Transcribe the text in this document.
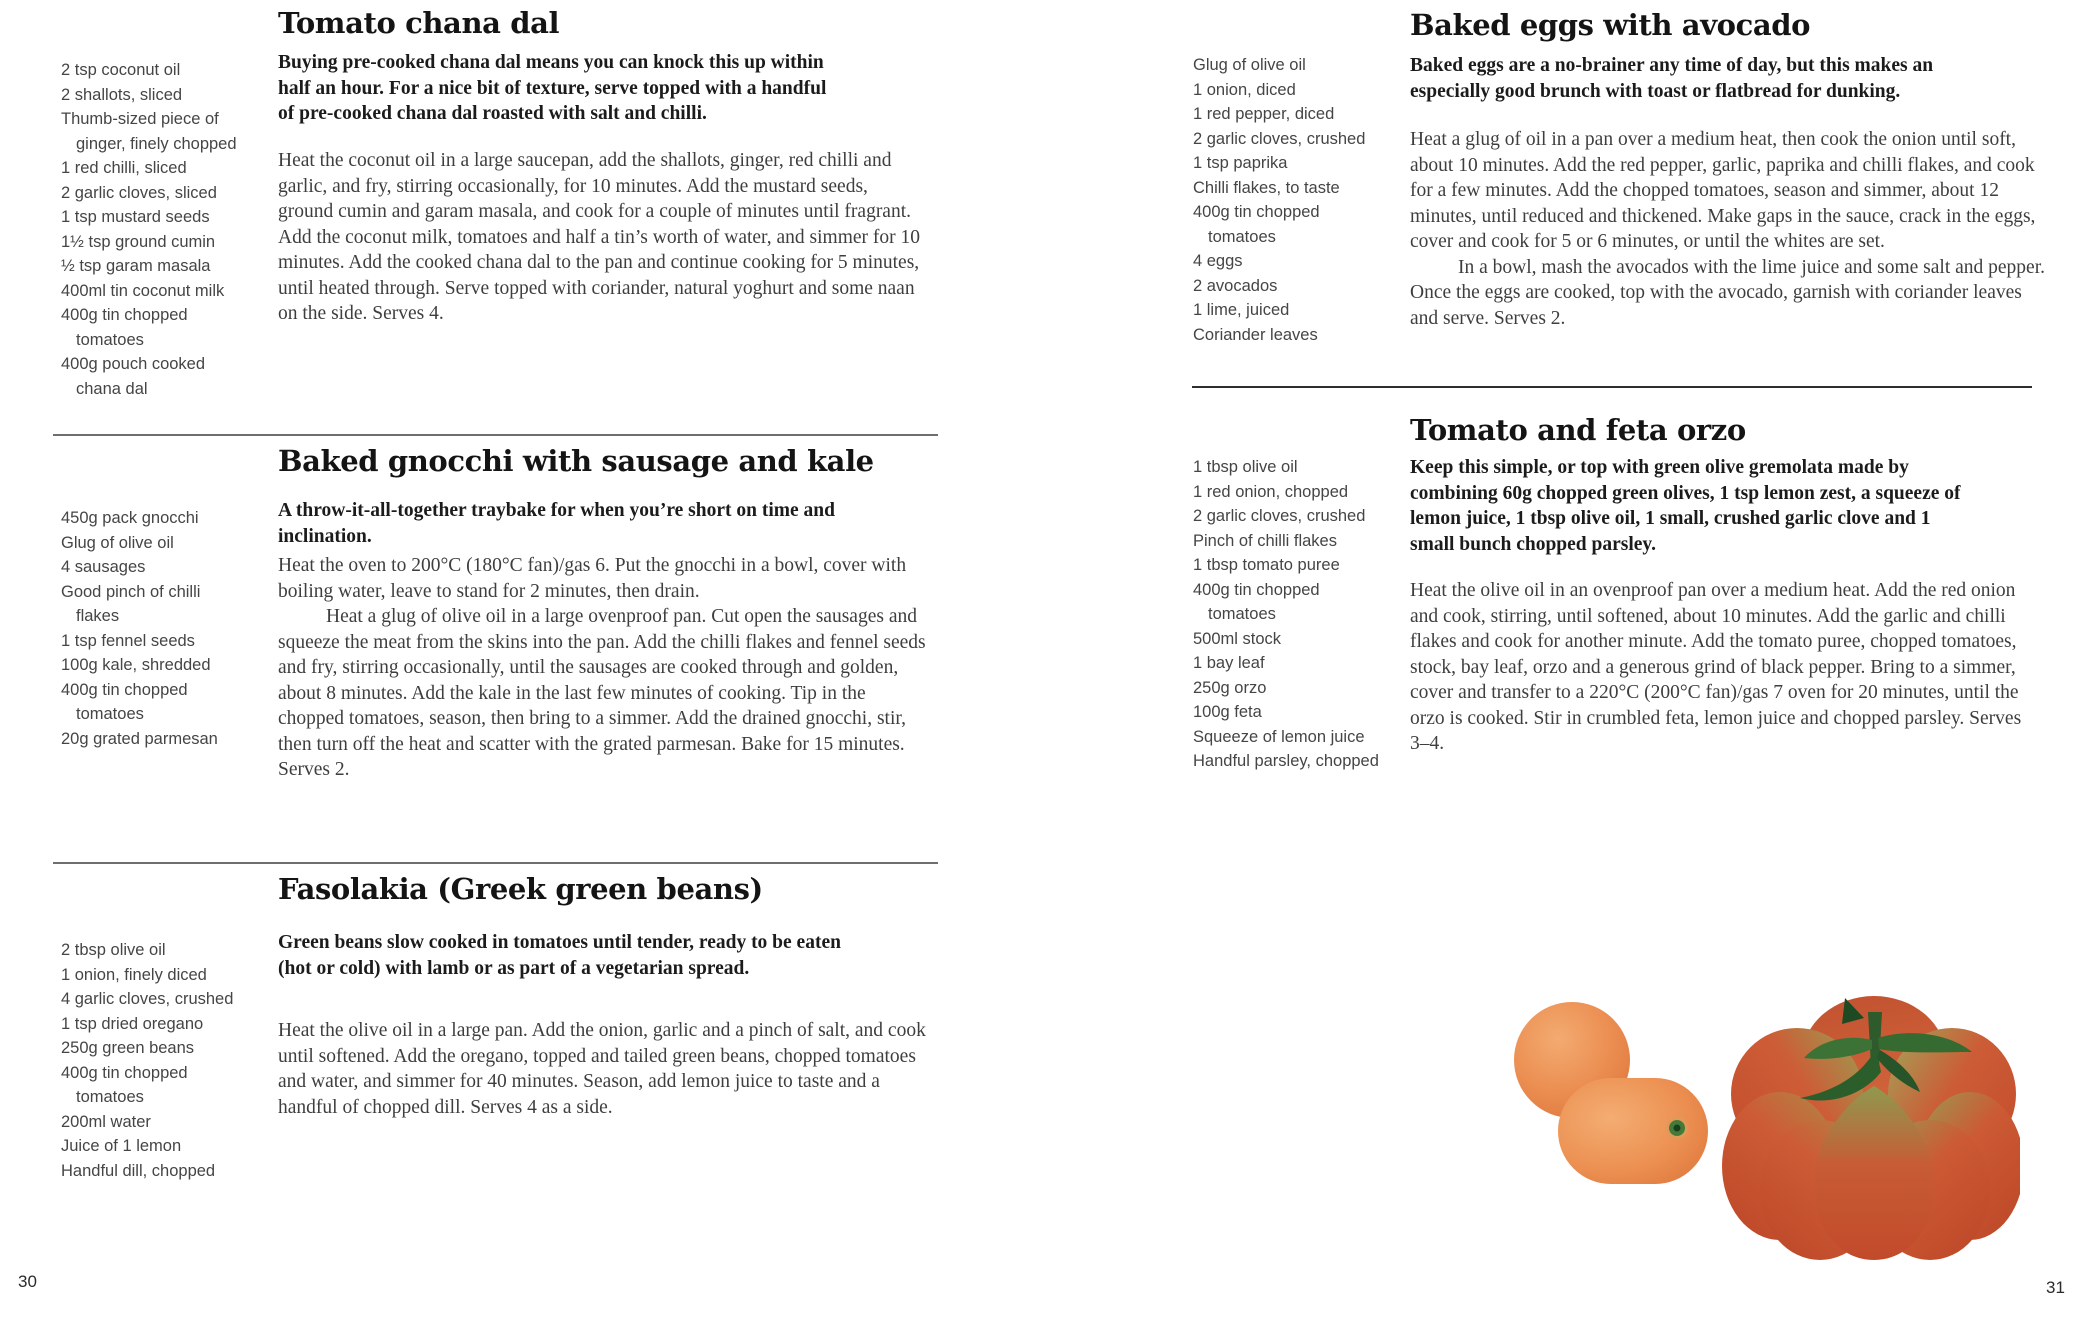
Tomato chana dal
2 tsp coconut oil
2 shallots, sliced
Thumb-sized piece of ginger, finely chopped
1 red chilli, sliced
2 garlic cloves, sliced
1 tsp mustard seeds
1½ tsp ground cumin
½ tsp garam masala
400ml tin coconut milk
400g tin chopped tomatoes
400g pouch cooked chana dal
Buying pre-cooked chana dal means you can knock this up within half an hour. For a nice bit of texture, serve topped with a handful of pre-cooked chana dal roasted with salt and chilli.

Heat the coconut oil in a large saucepan, add the shallots, ginger, red chilli and garlic, and fry, stirring occasionally, for 10 minutes. Add the mustard seeds, ground cumin and garam masala, and cook for a couple of minutes until fragrant. Add the coconut milk, tomatoes and half a tin’s worth of water, and simmer for 10 minutes. Add the cooked chana dal to the pan and continue cooking for 5 minutes, until heated through. Serve topped with coriander, natural yoghurt and some naan on the side. Serves 4.

Baked gnocchi with sausage and kale
450g pack gnocchi
Glug of olive oil
4 sausages
Good pinch of chilli flakes
1 tsp fennel seeds
100g kale, shredded
400g tin chopped tomatoes
20g grated parmesan
A throw-it-all-together traybake for when you’re short on time and inclination.

Heat the oven to 200°C (180°C fan)/gas 6. Put the gnocchi in a bowl, cover with boiling water, leave to stand for 2 minutes, then drain.

Heat a glug of olive oil in a large ovenproof pan. Cut open the sausages and squeeze the meat from the skins into the pan. Add the chilli flakes and fennel seeds and fry, stirring occasionally, until the sausages are cooked through and golden, about 8 minutes. Add the kale in the last few minutes of cooking. Tip in the chopped tomatoes, season, then bring to a simmer. Add the drained gnocchi, stir, then turn off the heat and scatter with the grated parmesan. Bake for 15 minutes. Serves 2.

Fasolakia (Greek green beans)
2 tbsp olive oil
1 onion, finely diced
4 garlic cloves, crushed
1 tsp dried oregano
250g green beans
400g tin chopped tomatoes
200ml water
Juice of 1 lemon
Handful dill, chopped
Green beans slow cooked in tomatoes until tender, ready to be eaten (hot or cold) with lamb or as part of a vegetarian spread.

Heat the olive oil in a large pan. Add the onion, garlic and a pinch of salt, and cook until softened. Add the oregano, topped and tailed green beans, chopped tomatoes and water, and simmer for 40 minutes. Season, add lemon juice to taste and a handful of chopped dill. Serves 4 as a side.

30
Baked eggs with avocado
Glug of olive oil
1 onion, diced
1 red pepper, diced
2 garlic cloves, crushed
1 tsp paprika
Chilli flakes, to taste
400g tin chopped tomatoes
4 eggs
2 avocados
1 lime, juiced
Coriander leaves
Baked eggs are a no-brainer any time of day, but this makes an especially good brunch with toast or flatbread for dunking.

Heat a glug of oil in a pan over a medium heat, then cook the onion until soft, about 10 minutes. Add the red pepper, garlic, paprika and chilli flakes, and cook for a few minutes. Add the chopped tomatoes, season and simmer, about 12 minutes, until reduced and thickened. Make gaps in the sauce, crack in the eggs, cover and cook for 5 or 6 minutes, or until the whites are set.

In a bowl, mash the avocados with the lime juice and some salt and pepper. Once the eggs are cooked, top with the avocado, garnish with coriander leaves and serve. Serves 2.

Tomato and feta orzo
1 tbsp olive oil
1 red onion, chopped
2 garlic cloves, crushed
Pinch of chilli flakes
1 tbsp tomato puree
400g tin chopped tomatoes
500ml stock
1 bay leaf
250g orzo
100g feta
Squeeze of lemon juice
Handful parsley, chopped
Keep this simple, or top with green olive gremolata made by combining 60g chopped green olives, 1 tsp lemon zest, a squeeze of lemon juice, 1 tbsp olive oil, 1 small, crushed garlic clove and 1 small bunch chopped parsley.

Heat the olive oil in an ovenproof pan over a medium heat. Add the red onion and cook, stirring, until softened, about 10 minutes. Add the garlic and chilli flakes and cook for another minute. Add the tomato puree, chopped tomatoes, stock, bay leaf, orzo and a generous grind of black pepper. Bring to a simmer, cover and transfer to a 220°C (200°C fan)/gas 7 oven for 20 minutes, until the orzo is cooked. Stir in crumbled feta, lemon juice and chopped parsley. Serves 3–4.

31
